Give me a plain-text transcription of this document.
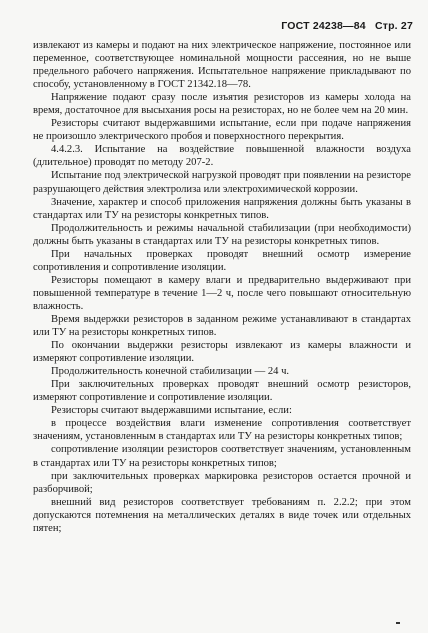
ГОСТ 24238—84 Стр. 27

извлекают из камеры и подают на них электрическое напряжение, постоянное или переменное, соответствующее номинальной мощности рассеяния, но не выше предельного рабочего напряжения. Испытательное напряжение прикладывают по способу, установленному в ГОСТ 21342.18—78.

Напряжение подают сразу после изъятия резисторов из камеры холода на время, достаточное для высыхания росы на резисторах, но не более чем на 20 мин.

Резисторы считают выдержавшими испытание, если при подаче напряжения не произошло электрического пробоя и поверхностного перекрытия.

4.4.2.3. Испытание на воздействие повышенной влажности воздуха (длительное) проводят по методу 207-2.

Испытание под электрической нагрузкой проводят при появлении на резисторе разрушающего действия электролиза или электрохимической коррозии.

Значение, характер и способ приложения напряжения должны быть указаны в стандартах или ТУ на резисторы конкретных типов.

Продолжительность и режимы начальной стабилизации (при необходимости) должны быть указаны в стандартах или ТУ на резисторы конкретных типов.

При начальных проверках проводят внешний осмотр измерение сопротивления и сопротивление изоляции.

Резисторы помещают в камеру влаги и предварительно выдерживают при повышенной температуре в течение 1—2 ч, после чего повышают относительную влажность.

Время выдержки резисторов в заданном режиме устанавливают в стандартах или ТУ на резисторы конкретных типов.

По окончании выдержки резисторы извлекают из камеры влажности и измеряют сопротивление изоляции.

Продолжительность конечной стабилизации — 24 ч.

При заключительных проверках проводят внешний осмотр резисторов, измеряют сопротивление и сопротивление изоляции.

Резисторы считают выдержавшими испытание, если:

в процессе воздействия влаги изменение сопротивления соответствует значениям, установленным в стандартах или ТУ на резисторы конкретных типов;

сопротивление изоляции резисторов соответствует значениям, установленным в стандартах или ТУ на резисторы конкретных типов;

при заключительных проверках маркировка резисторов остается прочной и разборчивой;

внешний вид резисторов соответствует требованиям п. 2.2.2; при этом допускаются потемнения на металлических деталях в виде точек или отдельных пятен;
